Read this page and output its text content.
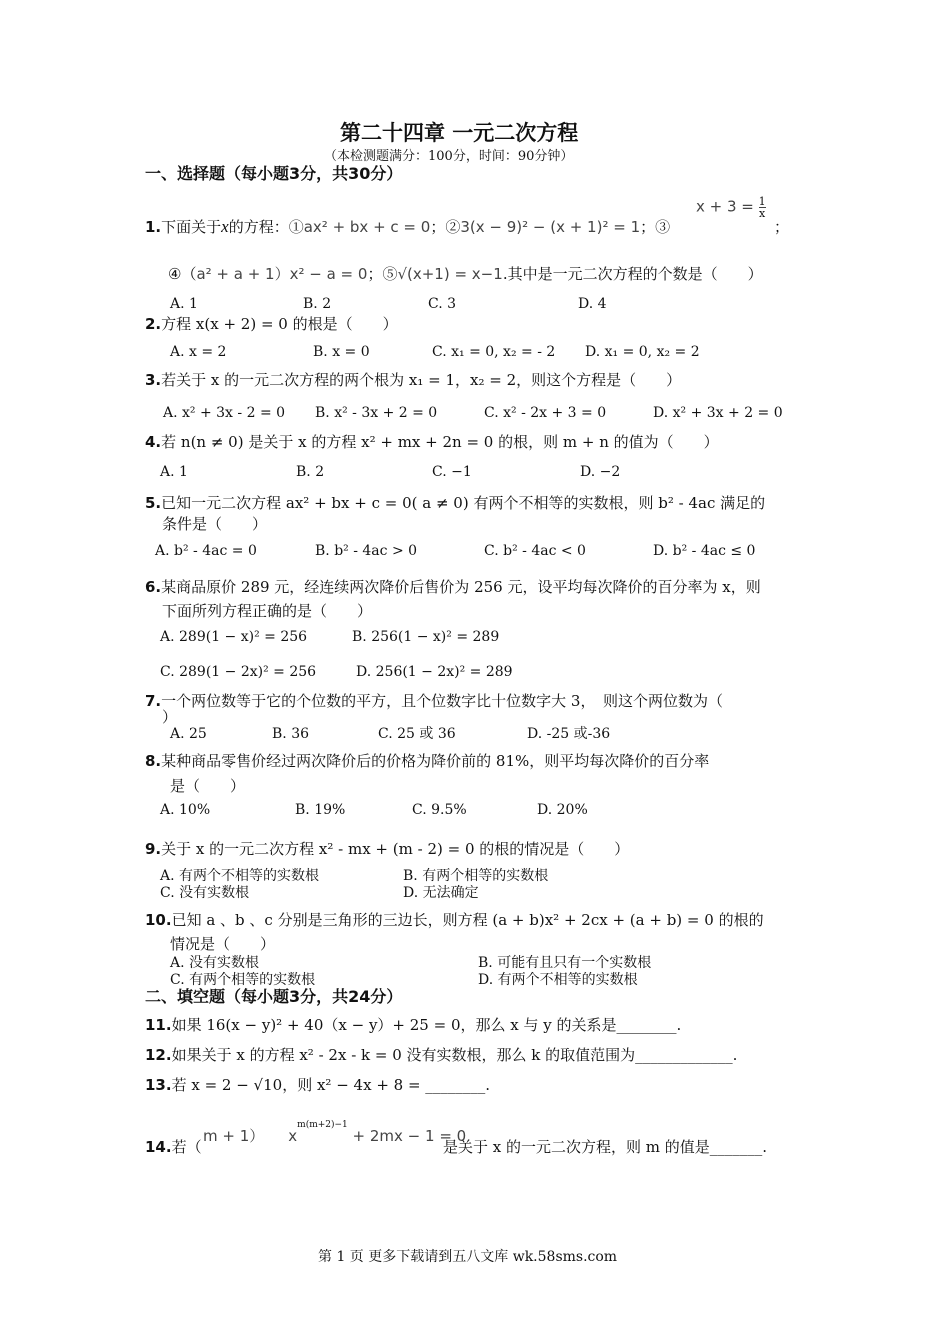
第二十四章 一元二次方程
（本检测题满分：100分，时间：90分钟）
一、选择题（每小题3分，共30分）
1.下面关于x的方程：①ax² + bx + c = 0；②3(x − 9)² − (x + 1)² = 1；③
$x + 3 = \frac{1}{x}$
；
④（a² + a + 1）x² − a = 0；⑤√(x+1) = x−1.其中是一元二次方程的个数是（　　）
A. 1	B. 2	C. 3	D. 4
2.方程 x(x + 2) = 0 的根是（　　）
A. x = 2	B. x = 0	C. x₁ = 0, x₂ = - 2 D. x₁ = 0, x₂ = 2
3.若关于 x 的一元二次方程的两个根为 x₁ = 1，x₂ = 2，则这个方程是（　　）
A. x² + 3x - 2 = 0 B. x² - 3x + 2 = 0	C. x² - 2x + 3 = 0	D. x² + 3x + 2 = 0
4.若 n(n ≠ 0) 是关于 x 的方程 x² + mx + 2n = 0 的根，则 m + n 的值为（　　）
A. 1	B. 2	C. −1	D. −2
5.已知一元二次方程 ax² + bx + c = 0( a ≠ 0) 有两个不相等的实数根，则 b² - 4ac 满足的
条件是（　　）
A. b² - 4ac = 0	B. b² - 4ac > 0	C. b² - 4ac < 0	D. b² - 4ac ≤ 0
6.某商品原价 289 元，经连续两次降价后售价为 256 元，设平均每次降价的百分率为 x，则
下面所列方程正确的是（　　）
A. 289(1 − x)² = 256	B. 256(1 − x)² = 289
C. 289(1 − 2x)² = 256	D. 256(1 − 2x)² = 289
7.一个两位数等于它的个位数的平方，且个位数字比十位数字大 3，　则这个两位数为（
）
A. 25	B. 36	C. 25 或 36	D. -25 或-36
8.某种商品零售价经过两次降价后的价格为降价前的 81%，则平均每次降价的百分率
是（　　）
A. 10%	B. 19%	C. 9.5%	D. 20%
9.关于 x 的一元二次方程 x² - mx + (m - 2) = 0 的根的情况是（　　）
A. 有两个不相等的实数根	B. 有两个相等的实数根
C. 没有实数根	D. 无法确定
10.已知 a 、b 、c 分别是三角形的三边长，则方程 (a + b)x² + 2cx + (a + b) = 0 的根的
情况是（　　）
A. 没有实数根	B. 可能有且只有一个实数根
C. 有两个相等的实数根	D. 有两个不相等的实数根
二、填空题（每小题3分，共24分）
11.如果 16(x − y)² + 40（x − y）+ 25 = 0，那么 x 与 y 的关系是________.
12.如果关于 x 的方程 x² - 2x - k = 0 没有实数根，那么 k 的取值范围为_____________.
13.若 x = 2 − √10，则 x² − 4x + 8 = ________.
14.若（
m + 1） $x^{m(m+2)-1} + 2mx - 1 = 0$
是关于 x 的一元二次方程，则 m 的值是_______.
第 1 页 更多下载请到五八文库 wk.58sms.com
